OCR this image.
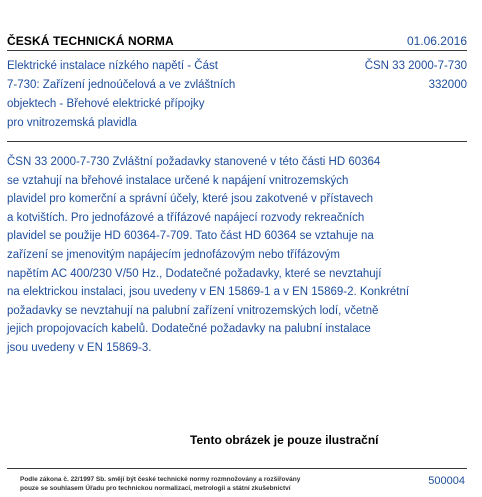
ČESKÁ TECHNICKÁ NORMA	01.06.2016
Elektrické instalace nízkého napětí - Část
7-730: Zařízení jednoúčelová a ve zvláštních
objektech - Břehové elektrické přípojky
pro vnitrozemská plavidla
ČSN 33 2000-7-730
332000
ČSN 33 2000-7-730 Zvláštní požadavky stanovené v této části HD 60364
se vztahují na břehové instalace určené k napájení vnitrozemských
plavidel pro komerční a správní účely, které jsou zakotvené v přístavech
a kotvištích. Pro jednofázové a třífázové napájecí rozvody rekreačních
plavidel se použije HD 60364-7-709. Tato část HD 60364 se vztahuje na
zařízení se jmenovitým napájecím jednofázovým nebo třífázovým
napětím AC 400/230 V/50 Hz., Dodatečné požadavky, které se nevztahují
na elektrickou instalaci, jsou uvedeny v EN 15869-1 a v EN 15869-2. Konkrétní
požadavky se nevztahují na palubní zařízení vnitrozemských lodí, včetně
jejich propojovacích kabelů. Dodatečné požadavky na palubní instalace
jsou uvedeny v EN 15869-3.
Tento obrázek je pouze ilustrační
Podle zákona č. 22/1997 Sb. smějí být české technické normy rozmnožovány a rozšiřovány
pouze se souhlasem Úřadu pro technickou normalizaci, metrologii a státní zkušebnictví
500004
